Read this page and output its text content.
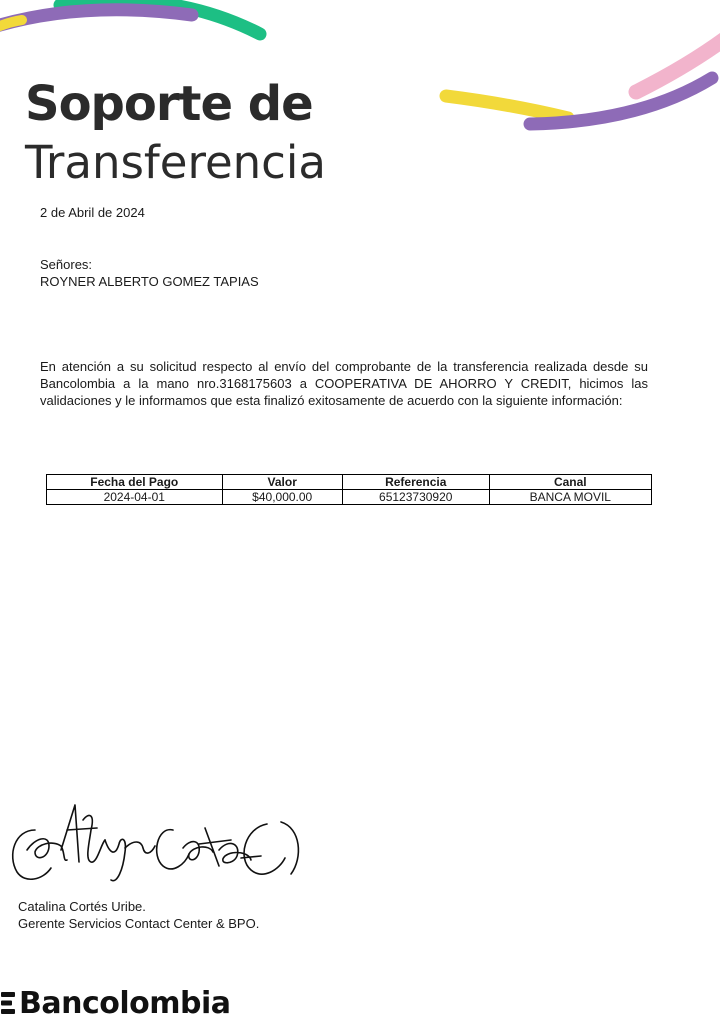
Soporte de
Transferencia
2 de Abril de 2024
Señores:
ROYNER ALBERTO GOMEZ TAPIAS
En atención a su solicitud respecto al envío del comprobante de la transferencia realizada desde su Bancolombia a la mano nro.3168175603 a COOPERATIVA DE AHORRO Y CREDIT, hicimos las validaciones y le informamos que esta finalizó exitosamente de acuerdo con la siguiente información:
Fecha del Pago	Valor	Referencia	Canal
2024-04-01	$40,000.00	65123730920	BANCA MOVIL
Catalina Cortés Uribe.
Gerente Servicios Contact Center & BPO.
Bancolombia
